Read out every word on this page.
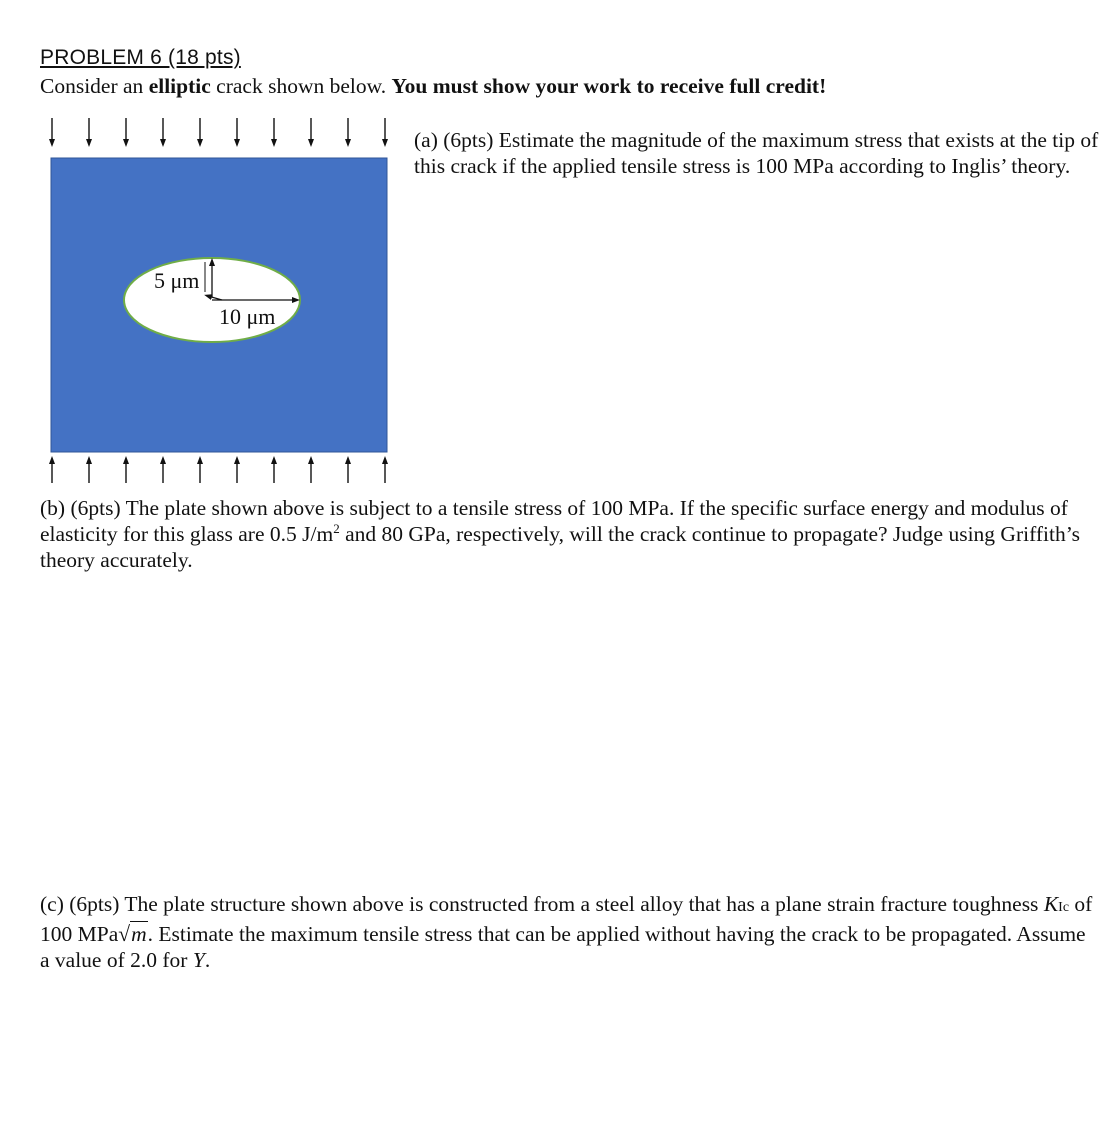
PROBLEM 6 (18 pts)
Consider an elliptic crack shown below. You must show your work to receive full credit!
5 μm
10 μm
(a) (6pts) Estimate the magnitude of the maximum stress that exists at the tip of this crack if the applied tensile stress is 100 MPa according to Inglis’ theory.
(b) (6pts) The plate shown above is subject to a tensile stress of 100 MPa. If the specific surface energy and modulus of elasticity for this glass are 0.5 $J/m^2$ and 80 GPa, respectively, will the crack continue to propagate? Judge using Griffith’s theory accurately.
(c) (6pts) The plate structure shown above is constructed from a steel alloy that has a plane strain fracture toughness KIc of 100 MPa√m. Estimate the maximum tensile stress that can be applied without having the crack to be propagated. Assume a value of 2.0 for Y.
